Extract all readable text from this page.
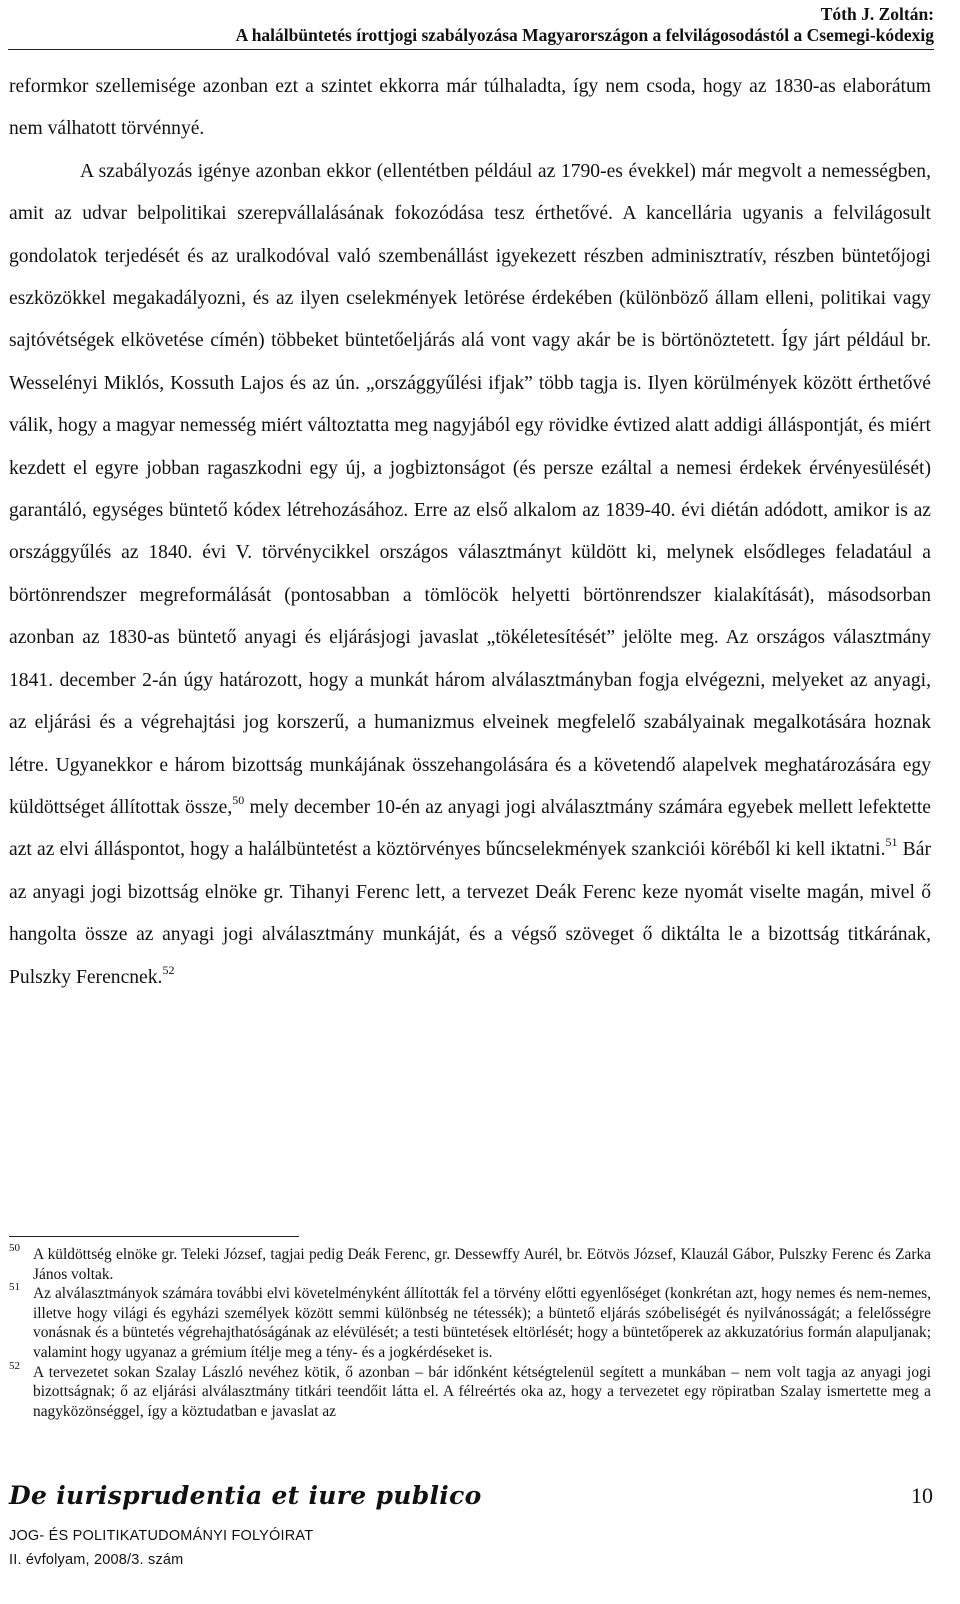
Tóth J. Zoltán:
A halálbüntetés írottjogi szabályozása Magyarországon a felvilágosodástól a Csemegi-kódexig

reformkor szellemisége azonban ezt a szintet ekkorra már túlhaladta, így nem csoda, hogy az 1830-as elaborátum nem válhatott törvénnyé.

A szabályozás igénye azonban ekkor (ellentétben például az 1790-es évekkel) már megvolt a nemességben, amit az udvar belpolitikai szerepvállalásának fokozódása tesz érthetővé. A kancellária ugyanis a felvilágosult gondolatok terjedését és az uralkodóval való szembenállást igyekezett részben adminisztratív, részben büntetőjogi eszközökkel megakadályozni, és az ilyen cselekmények letörése érdekében (különböző állam elleni, politikai vagy sajtóvétségek elkövetése címén) többeket büntetőeljárás alá vont vagy akár be is börtönöztetett. Így járt például br. Wesselényi Miklós, Kossuth Lajos és az ún. „országgyűlési ifjak” több tagja is. Ilyen körülmények között érthetővé válik, hogy a magyar nemesség miért változtatta meg nagyjából egy rövidke évtized alatt addigi álláspontját, és miért kezdett el egyre jobban ragaszkodni egy új, a jogbiztonságot (és persze ezáltal a nemesi érdekek érvényesülését) garantáló, egységes büntető kódex létrehozásához. Erre az első alkalom az 1839-40. évi diétán adódott, amikor is az országgyűlés az 1840. évi V. törvénycikkel országos választmányt küldött ki, melynek elsődleges feladatául a börtönrendszer megreformálását (pontosabban a tömlöcök helyetti börtönrendszer kialakítását), másodsorban azonban az 1830-as büntető anyagi és eljárásjogi javaslat „tökéletesítését” jelölte meg. Az országos választmány 1841. december 2-án úgy határozott, hogy a munkát három alválasztmányban fogja elvégezni, melyeket az anyagi, az eljárási és a végrehajtási jog korszerű, a humanizmus elveinek megfelelő szabályainak megalkotására hoznak létre. Ugyanekkor e három bizottság munkájának összehangolására és a követendő alapelvek meghatározására egy küldöttséget állítottak össze,$^{50}$ mely december 10-én az anyagi jogi alválasztmány számára egyebek mellett lefektette azt az elvi álláspontot, hogy a halálbüntetést a köztörvényes bűncselekmények szankciói köréből ki kell iktatni.$^{51}$ Bár az anyagi jogi bizottság elnöke gr. Tihanyi Ferenc lett, a tervezet Deák Ferenc keze nyomát viselte magán, mivel ő hangolta össze az anyagi jogi alválasztmány munkáját, és a végső szöveget ő diktálta le a bizottság titkárának, Pulszky Ferencnek.$^{52}$

50 A küldöttség elnöke gr. Teleki József, tagjai pedig Deák Ferenc, gr. Dessewffy Aurél, br. Eötvös József, Klauzál Gábor, Pulszky Ferenc és Zarka János voltak.

51 Az alválasztmányok számára további elvi követelményként állították fel a törvény előtti egyenlőséget (konkrétan azt, hogy nemes és nem-nemes, illetve hogy világi és egyházi személyek között semmi különbség ne tétessék); a büntető eljárás szóbeliségét és nyilvánosságát; a felelősségre vonásnak és a büntetés végrehajthatóságának az elévülését; a testi büntetések eltörlését; hogy a büntetőperek az akkuzatórius formán alapuljanak; valamint hogy ugyanaz a grémium ítélje meg a tény- és a jogkérdéseket is.

52 A tervezetet sokan Szalay László nevéhez kötik, ő azonban – bár időnként kétségtelenül segített a munkában – nem volt tagja az anyagi jogi bizottságnak; ő az eljárási alválasztmány titkári teendőit látta el. A félreértés oka az, hogy a tervezetet egy röpiratban Szalay ismertette meg a nagyközönséggel, így a köztudatban e javaslat az

De iurisprudentia et iure publico	10
JOG- ÉS POLITIKATUDOMÁNYI FOLYÓIRAT
II. évfolyam, 2008/3. szám
